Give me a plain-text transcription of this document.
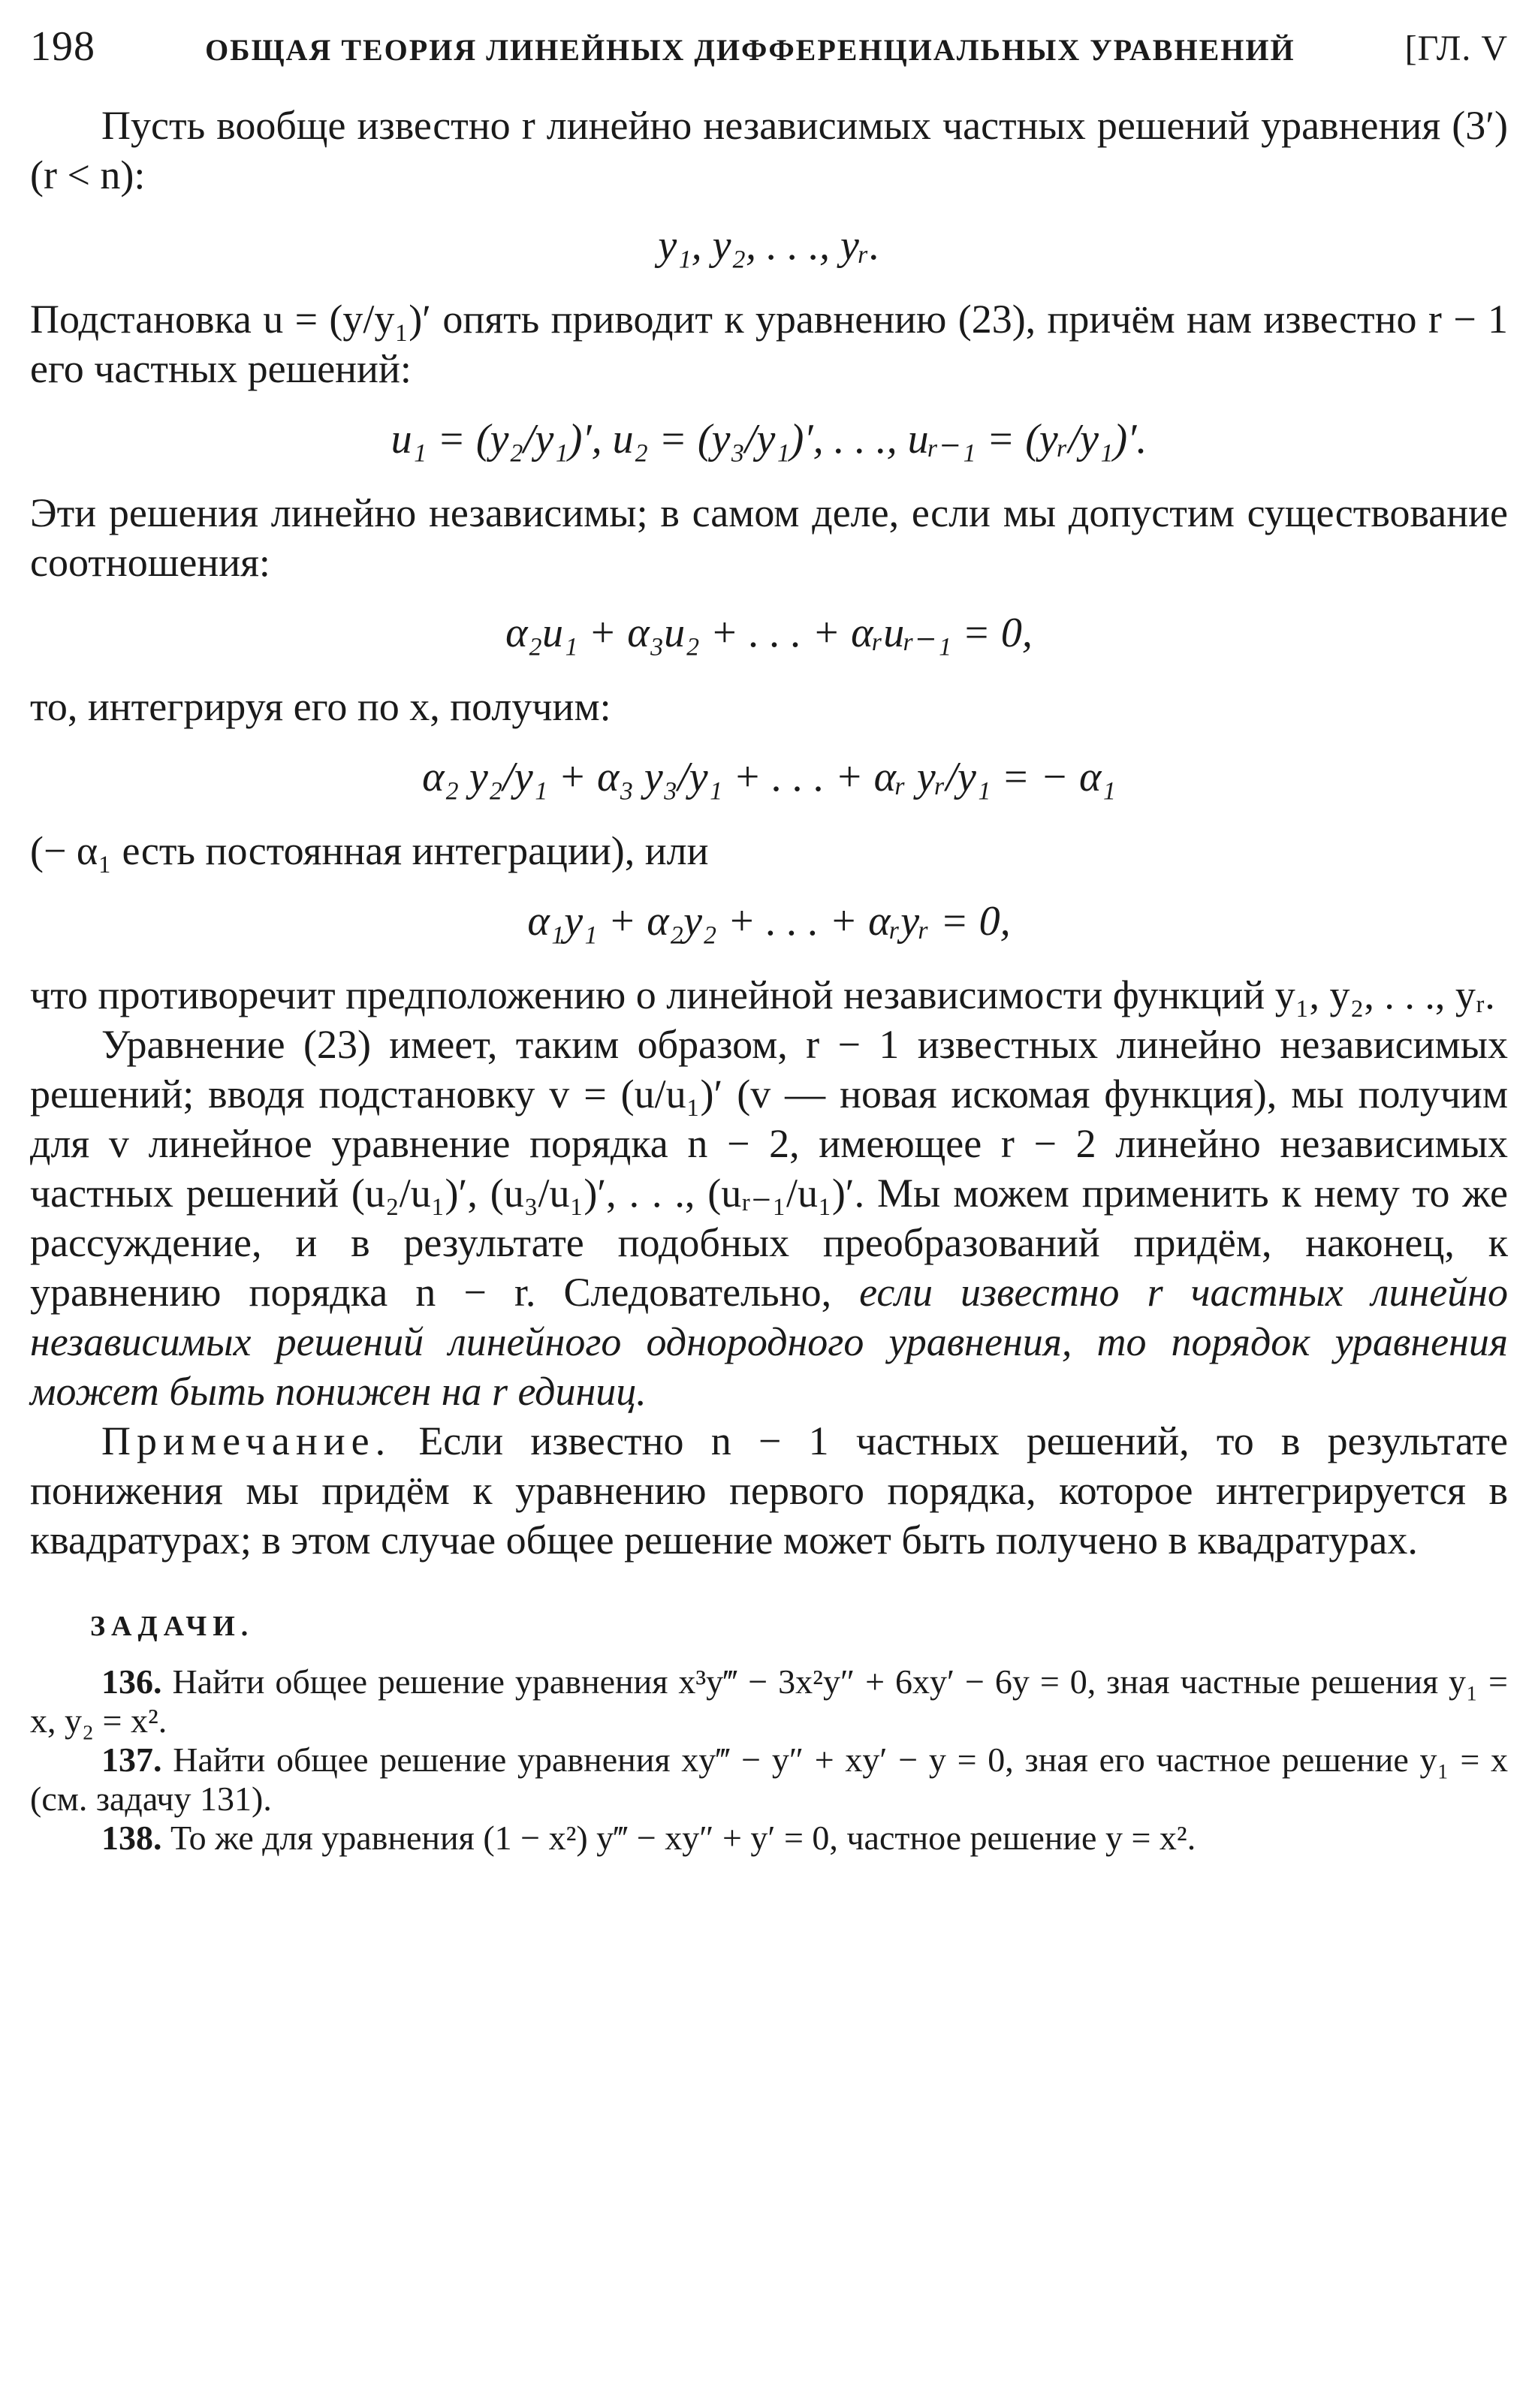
198	ОБЩАЯ ТЕОРИЯ ЛИНЕЙНЫХ ДИФФЕРЕНЦИАЛЬНЫХ УРАВНЕНИЙ	[ГЛ. V

Пусть вообще известно r линейно независимых частных решений уравнения (3′) (r < n):

y₁, y₂, . . ., yᵣ.

Подстановка u = (y/y₁)′ опять приводит к уравнению (23), причём нам известно r − 1 его частных решений:

u₁ = (y₂/y₁)′, u₂ = (y₃/y₁)′, . . ., uᵣ₋₁ = (yᵣ/y₁)′.

Эти решения линейно независимы; в самом деле, если мы допустим существование соотношения:

α₂u₁ + α₃u₂ + . . . + αᵣuᵣ₋₁ = 0,

то, интегрируя его по x, получим:

α₂ y₂/y₁ + α₃ y₃/y₁ + . . . + αᵣ yᵣ/y₁ = − α₁

(− α₁ есть постоянная интеграции), или

α₁y₁ + α₂y₂ + . . . + αᵣyᵣ = 0,

что противоречит предположению о линейной независимости функций y₁, y₂, . . ., yᵣ.

Уравнение (23) имеет, таким образом, r − 1 известных линейно независимых решений; вводя подстановку v = (u/u₁)′ (v — новая искомая функция), мы получим для v линейное уравнение порядка n − 2, имеющее r − 2 линейно независимых частных решений (u₂/u₁)′, (u₃/u₁)′, . . ., (uᵣ₋₁/u₁)′. Мы можем применить к нему то же рассуждение, и в результате подобных преобразований придём, наконец, к уравнению порядка n − r. Следовательно, если известно r частных линейно независимых решений линейного однородного уравнения, то порядок уравнения может быть понижен на r единиц.

Примечание. Если известно n − 1 частных решений, то в результате понижения мы придём к уравнению первого порядка, которое интегрируется в квадратурах; в этом случае общее решение может быть получено в квадратурах.

ЗАДАЧИ.

136. Найти общее решение уравнения x³y‴ − 3x²y″ + 6xy′ − 6y = 0, зная частные решения y₁ = x, y₂ = x².

137. Найти общее решение уравнения xy‴ − y″ + xy′ − y = 0, зная его частное решение y₁ = x (см. задачу 131).

138. То же для уравнения (1 − x²) y‴ − xy″ + y′ = 0, частное решение y = x².
